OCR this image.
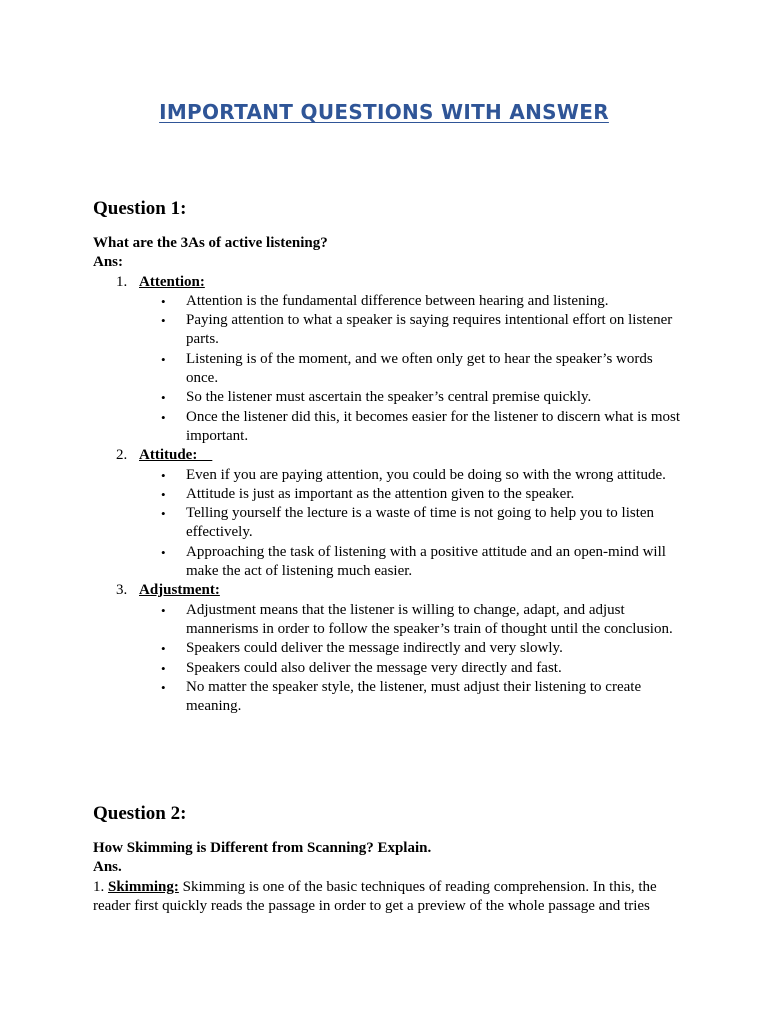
IMPORTANT QUESTIONS WITH ANSWER
Question 1:

What are the 3As of active listening?

Ans:

1. Attention:

• Attention is the fundamental difference between hearing and listening.
• Paying attention to what a speaker is saying requires intentional effort on listener parts.
• Listening is of the moment, and we often only get to hear the speaker’s words once.
• So the listener must ascertain the speaker’s central premise quickly.
• Once the listener did this, it becomes easier for the listener to discern what is most important.

2. Attitude:

• Even if you are paying attention, you could be doing so with the wrong attitude.
• Attitude is just as important as the attention given to the speaker.
• Telling yourself the lecture is a waste of time is not going to help you to listen effectively.
• Approaching the task of listening with a positive attitude and an open-mind will make the act of listening much easier.

3. Adjustment:

• Adjustment means that the listener is willing to change, adapt, and adjust mannerisms in order to follow the speaker’s train of thought until the conclusion.
• Speakers could deliver the message indirectly and very slowly.
• Speakers could also deliver the message very directly and fast.
• No matter the speaker style, the listener, must adjust their listening to create meaning.
Question 2:

How Skimming is Different from Scanning? Explain.

Ans.

1. Skimming: Skimming is one of the basic techniques of reading comprehension. In this, the reader first quickly reads the passage in order to get a preview of the whole passage and tries
